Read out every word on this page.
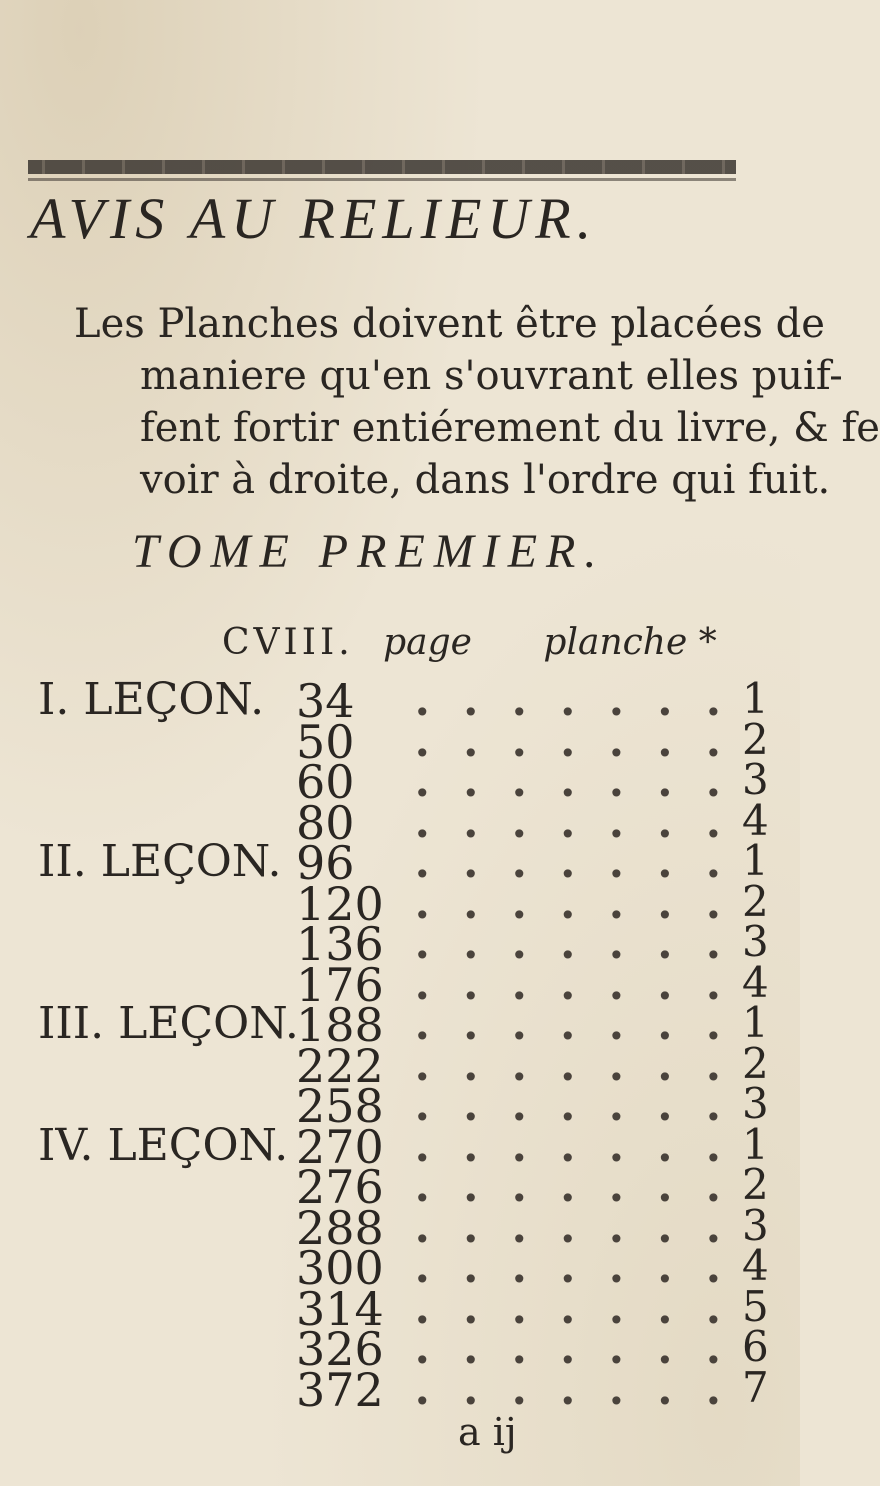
AVIS AU RELIEUR.
Les Planches doivent être placées de
maniere qu'en s'ouvrant elles puif-
fent fortir entiérement du livre, & fe
voir à droite, dans l'ordre qui fuit.
TOME PREMIER.
CVIII. page planche *
I. LEÇON. 34 •••••••
1
50 •••••••
2
60 •••••••
3
80 •••••••
4
II. LEÇON. 96 •••••••
1
120 •••••••
2
136 •••••••
3
176 •••••••
4
III. LEÇON.
188 •••••••
1
222 •••••••
2
258 •••••••
3
IV. LEÇON. 270 •••••••
1
276 •••••••
2
288 •••••••
3
300 •••••••
4
314 •••••••
5
326 •••••••
6
372 •••••••
7
a ij
